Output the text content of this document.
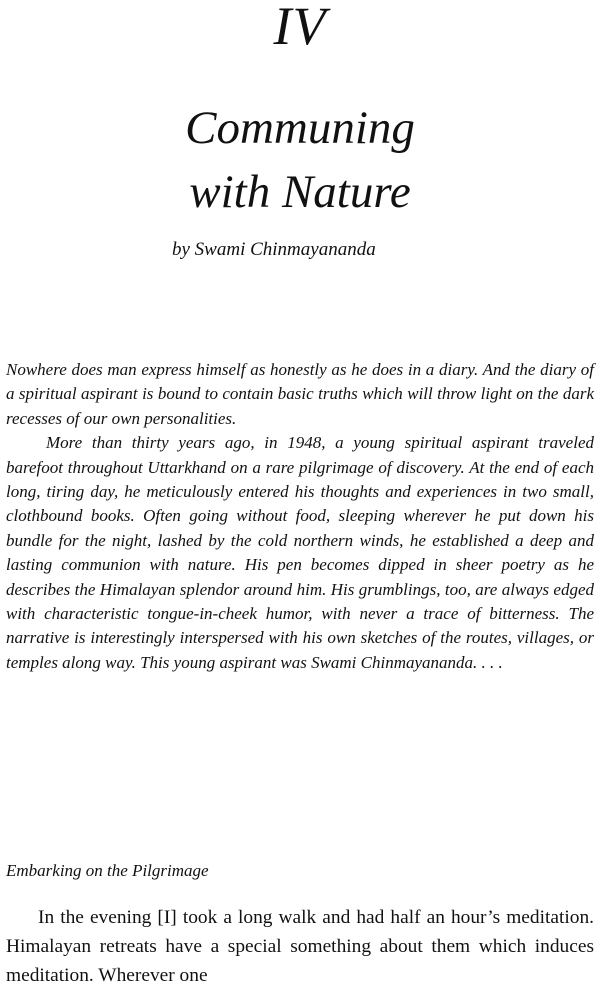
IV
Communing
with Nature
by Swami Chinmayananda

Nowhere does man express himself as honestly as he does in a diary. And the diary of a spiritual aspirant is bound to contain basic truths which will throw light on the dark recesses of our own personalities.

More than thirty years ago, in 1948, a young spiritual aspirant traveled barefoot throughout Uttarkhand on a rare pilgrimage of discovery. At the end of each long, tiring day, he meticulously entered his thoughts and experiences in two small, clothbound books. Often going without food, sleeping wherever he put down his bundle for the night, lashed by the cold northern winds, he established a deep and lasting communion with nature. His pen becomes dipped in sheer poetry as he describes the Himalayan splendor around him. His grumblings, too, are always edged with characteristic tongue-in-cheek humor, with never a trace of bitterness. The narrative is interestingly interspersed with his own sketches of the routes, villages, or temples along way. This young aspirant was Swami Chinmayananda. . . .

Embarking on the Pilgrimage

In the evening [I] took a long walk and had half an hour’s meditation. Himalayan retreats have a special something about them which induces meditation. Wherever one
